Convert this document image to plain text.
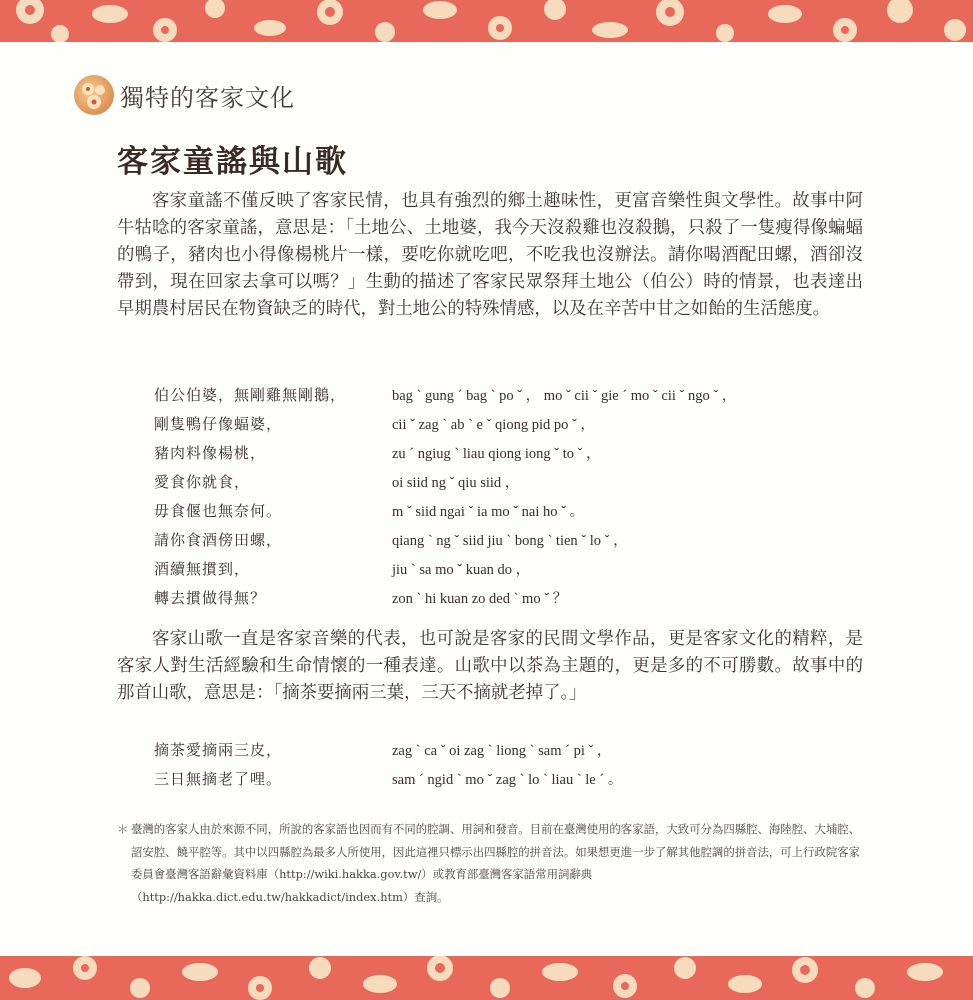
獨特的客家文化
客家童謠與山歌

客家童謠不僅反映了客家民情，也具有強烈的鄉土趣味性，更富音樂性與文學性。故事中阿牛牯唸的客家童謠，意思是：「土地公、土地婆，我今天沒殺雞也沒殺鵝，只殺了一隻瘦得像蝙蝠的鴨子，豬肉也小得像楊桃片一樣，要吃你就吃吧，不吃我也沒辦法。請你喝酒配田螺，酒卻沒帶到，現在回家去拿可以嗎？」生動的描述了客家民眾祭拜土地公（伯公）時的情景，也表達出早期農村居民在物資缺乏的時代，對土地公的特殊情感，以及在辛苦中甘之如飴的生活態度。

伯公伯婆，無剛雞無剛鵝，	bag ˋ gung ˊ bag ˋ po ˇ ， mo ˇ cii ˇ gie ˊ mo ˇ cii ˇ ngo ˇ ，
剛隻鴨仔像蝠婆，	cii ˇ zag ˋ ab ˋ e ˇ qiong pid po ˇ ，
豬肉料像楊桃，	zu ˊ ngiug ˋ liau qiong iong ˇ to ˇ ，
愛食你就食，	oi siid ng ˇ qiu siid ，
毋食偃也無奈何。	m ˇ siid ngai ˇ ia mo ˇ nai ho ˇ 。
請你食酒傍田螺，	qiang ˋ ng ˇ siid jiu ˋ bong ˋ tien ˇ lo ˇ ，
酒續無摜到，	jiu ˋ sa mo ˇ kuan do ，
轉去摜做得無？	zon ˋ hi kuan zo ded ˋ mo ˇ ？

客家山歌一直是客家音樂的代表，也可說是客家的民間文學作品，更是客家文化的精粹，是客家人對生活經驗和生命情懷的一種表達。山歌中以茶為主題的，更是多的不可勝數。故事中的那首山歌，意思是：「摘茶要摘兩三葉，三天不摘就老掉了。」

摘茶愛摘兩三皮，	zag ˋ ca ˇ oi zag ˋ liong ˋ sam ˊ pi ˇ ，
三日無摘老了哩。	sam ˊ ngid ˋ mo ˇ zag ˋ lo ˋ liau ˋ le ˊ 。
＊ 臺灣的客家人由於來源不同，所說的客家語也因而有不同的腔調、用詞和發音。目前在臺灣使用的客家語，大致可分為四縣腔、海陸腔、大埔腔、詔安腔、饒平腔等。其中以四縣腔為最多人所使用，因此這裡只標示出四縣腔的拼音法。如果想更進一步了解其他腔調的拼音法，可上行政院客家委員會臺灣客語辭彙資料庫（http://wiki.hakka.gov.tw/）或教育部臺灣客家語常用詞辭典（http://hakka.dict.edu.tw/hakkadict/index.htm）查詢。
